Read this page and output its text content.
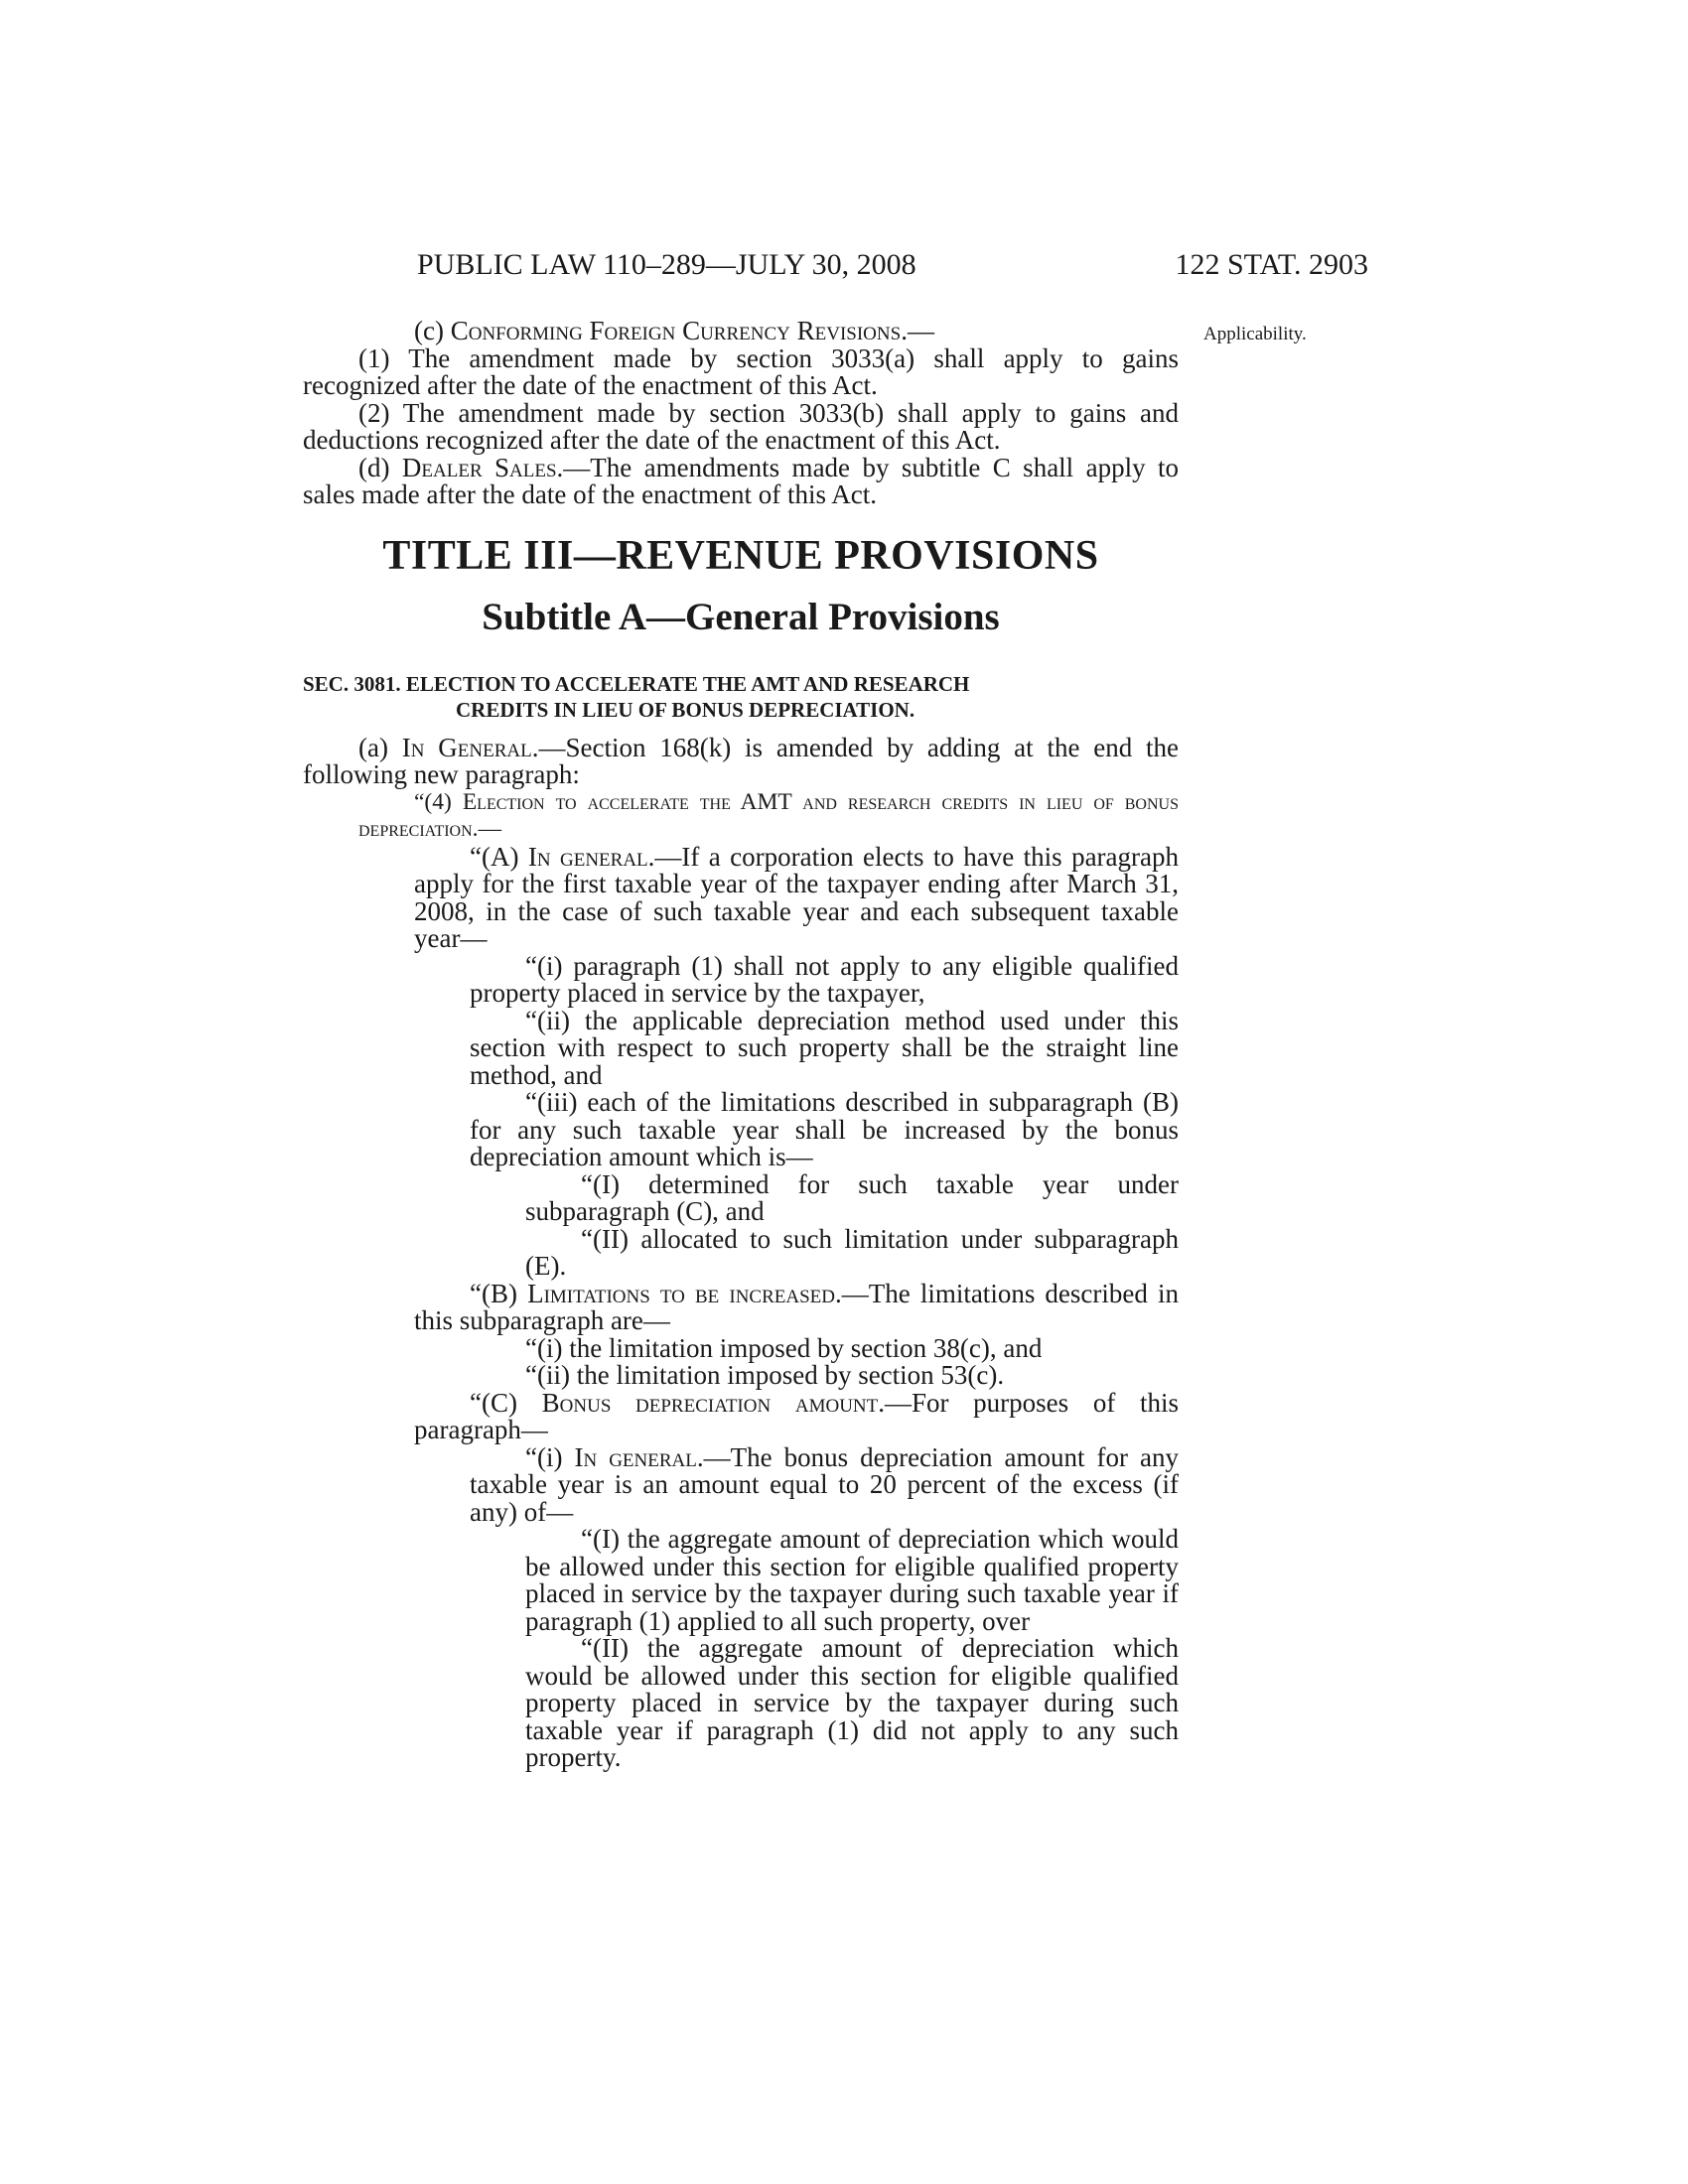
PUBLIC LAW 110–289—JULY 30, 2008	122 STAT. 2903
Applicability.
(c) Conforming Foreign Currency Revisions.—
(1) The amendment made by section 3033(a) shall apply to gains recognized after the date of the enactment of this Act.
(2) The amendment made by section 3033(b) shall apply to gains and deductions recognized after the date of the enactment of this Act.
(d) Dealer Sales.—The amendments made by subtitle C shall apply to sales made after the date of the enactment of this Act.
TITLE III—REVENUE PROVISIONS
Subtitle A—General Provisions
SEC. 3081. ELECTION TO ACCELERATE THE AMT AND RESEARCH
CREDITS IN LIEU OF BONUS DEPRECIATION.
(a) In General.—Section 168(k) is amended by adding at the end the following new paragraph:
“(4) Election to accelerate the AMT and research credits in lieu of bonus depreciation.—
“(A) In general.—If a corporation elects to have this paragraph apply for the first taxable year of the taxpayer ending after March 31, 2008, in the case of such taxable year and each subsequent taxable year—
“(i) paragraph (1) shall not apply to any eligible qualified property placed in service by the taxpayer,
“(ii) the applicable depreciation method used under this section with respect to such property shall be the straight line method, and
“(iii) each of the limitations described in subparagraph (B) for any such taxable year shall be increased by the bonus depreciation amount which is—
“(I) determined for such taxable year under subparagraph (C), and
“(II) allocated to such limitation under subparagraph (E).
“(B) Limitations to be increased.—The limitations described in this subparagraph are—
“(i) the limitation imposed by section 38(c), and
“(ii) the limitation imposed by section 53(c).
“(C) Bonus depreciation amount.—For purposes of this paragraph—
“(i) In general.—The bonus depreciation amount for any taxable year is an amount equal to 20 percent of the excess (if any) of—
“(I) the aggregate amount of depreciation which would be allowed under this section for eligible qualified property placed in service by the taxpayer during such taxable year if paragraph (1) applied to all such property, over
“(II) the aggregate amount of depreciation which would be allowed under this section for eligible qualified property placed in service by the taxpayer during such taxable year if paragraph (1) did not apply to any such property.
